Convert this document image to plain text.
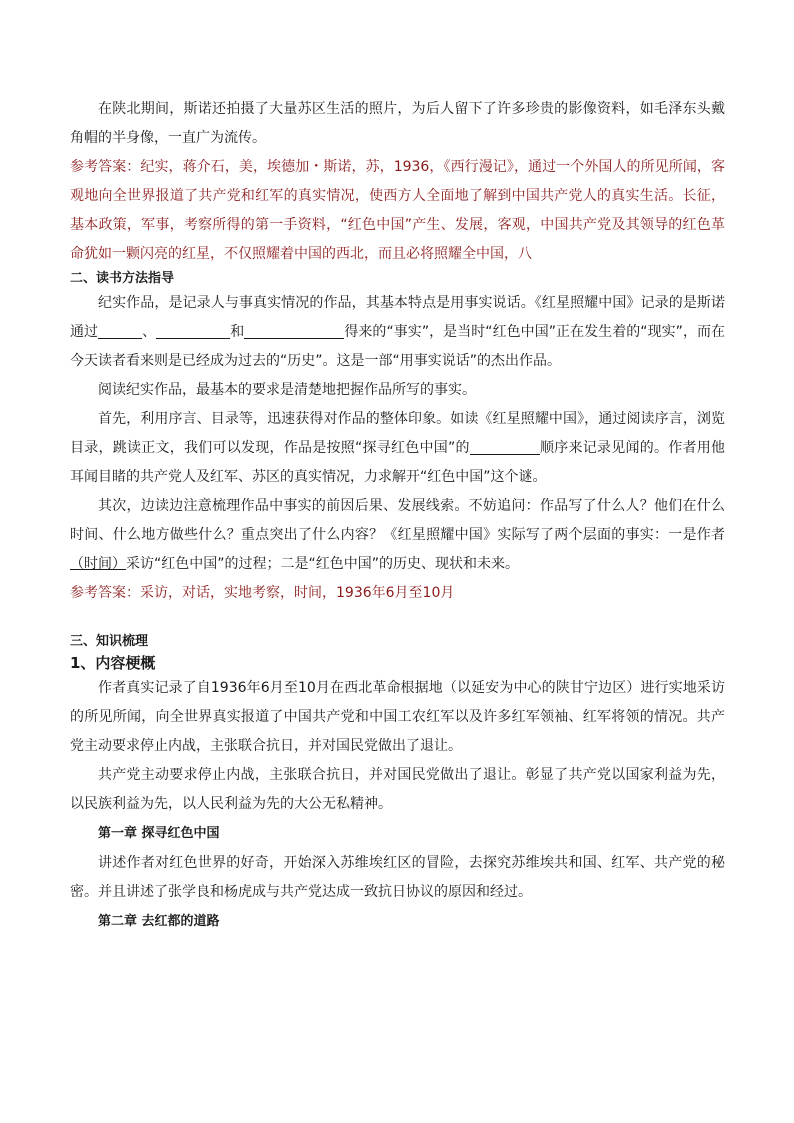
在陕北期间，斯诺还拍摄了大量苏区生活的照片，为后人留下了许多珍贵的影像资料，如毛泽东头戴角帽的半身像，一直广为流传。

参考答案：纪实，蒋介石，美，埃德加・斯诺，苏，1936，《西行漫记》，通过一个外国人的所见所闻，客观地向全世界报道了共产党和红军的真实情况，使西方人全面地了解到中国共产党人的真实生活。长征，基本政策，军事，考察所得的第一手资料，“红色中国”产生、发展，客观，中国共产党及其领导的红色革命犹如一颗闪亮的红星，不仅照耀着中国的西北，而且必将照耀全中国，八

二、读书方法指导

纪实作品，是记录人与事真实情况的作品，其基本特点是用事实说话。《红星照耀中国》记录的是斯诺通过	、	和	得来的“事实”，是当时“红色中国”正在发生着的“现实”，而在今天读者看来则是已经成为过去的“历史”。这是一部“用事实说话”的杰出作品。

阅读纪实作品，最基本的要求是清楚地把握作品所写的事实。

首先，利用序言、目录等，迅速获得对作品的整体印象。如读《红星照耀中国》，通过阅读序言，浏览目录，跳读正文，我们可以发现，作品是按照“探寻红色中国”的	顺序来记录见闻的。作者用他耳闻目睹的共产党人及红军、苏区的真实情况，力求解开“红色中国”这个谜。

其次，边读边注意梳理作品中事实的前因后果、发展线索。不妨追问：作品写了什么人？他们在什么时间、什么地方做些什么？重点突出了什么内容？《红星照耀中国》实际写了两个层面的事实：一是作者（时间）采访“红色中国”的过程；二是“红色中国”的历史、现状和未来。

参考答案：采访，对话，实地考察，时间，1936年6月至10月

三、知识梳理
1、内容梗概

作者真实记录了自1936年6月至10月在西北革命根据地（以延安为中心的陕甘宁边区）进行实地采访的所见所闻，向全世界真实报道了中国共产党和中国工农红军以及许多红军领袖、红军将领的情况。共产党主动要求停止内战，主张联合抗日，并对国民党做出了退让。

共产党主动要求停止内战，主张联合抗日，并对国民党做出了退让。彰显了共产党以国家利益为先，以民族利益为先，以人民利益为先的大公无私精神。

第一章 探寻红色中国

讲述作者对红色世界的好奇，开始深入苏维埃红区的冒险，去探究苏维埃共和国、红军、共产党的秘密。并且讲述了张学良和杨虎成与共产党达成一致抗日协议的原因和经过。

第二章 去红都的道路
